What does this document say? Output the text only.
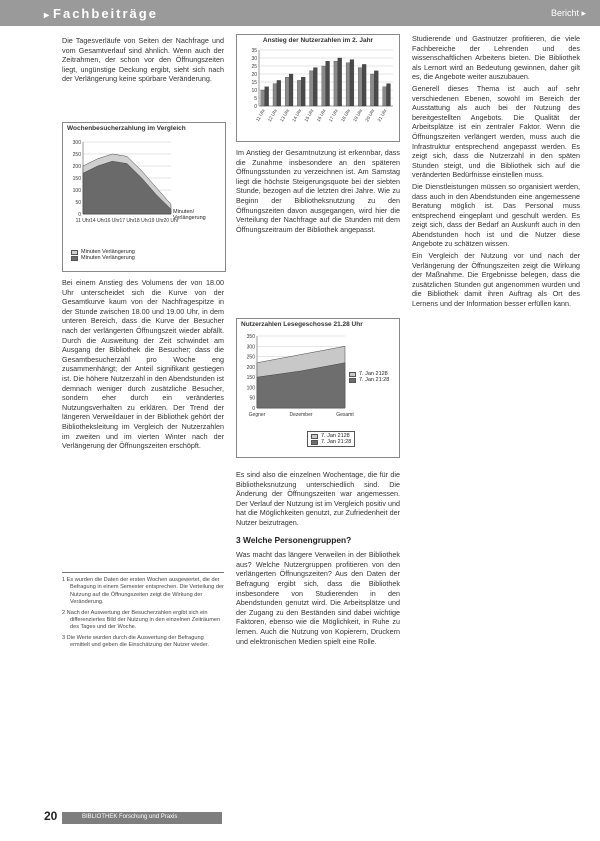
▸ Fachbeiträge	Bericht ▸

Die Tagesverläufe von Seiten der Nachfrage und vom Gesamtverlauf sind ähnlich. Wenn auch der Zeitrahmen, der schon vor den Öffnungszeiten liegt, ungünstige Deckung ergibt, sieht sich nach der Verlängerung keine spürbare Veränderung.

Wochenbesucherzahlung im Vergleich
0
50
100
150
200
250
300
11 Uhr 14 Uhr 16 Uhr 17 Uhr 18 Uhr 19 Uhr 20 Uhr
Minuten/ Verlängerung
Minuten Verlängerung
Minuten Verlängerung

Bei einem Anstieg des Volumens der von 18.00 Uhr unterscheidet sich die Kurve von der Gesamtkurve kaum von der Nachfragespitze in der Stunde zwischen 18.00 und 19.00 Uhr, in dem unteren Bereich, dass die Kurve der Besucher nach der verlängerten Öffnungszeit wieder abfällt. Durch die Ausweitung der Zeit schwindet am Ausgang der Bibliothek die Besucher; dass die Gesamtbesucherzahl pro Woche eng zusammenhängt; der Anteil signifikant gestiegen ist. Die höhere Nutzerzahl in den Abendstunden ist demnach weniger durch zusätzliche Besucher, sondern eher durch ein verändertes Nutzungsverhalten zu erklären. Der Trend der längeren Verweildauer in der Bibliothek gehört der Bibliotheksleitung im Vergleich der Nutzerzahlen im zweiten und im vierten Winter nach der Verlängerung der Öffnungszeiten erschöpft.

1 Es wurden die Daten der ersten Wochen ausgewertet, die der Befragung in einem Semester entsprechen. Die Verteilung der Nutzung auf die Öffnungszeiten zeigt die Wirkung der Veränderung.

2 Nach der Auswertung der Besucherzahlen ergibt sich ein differenziertes Bild der Nutzung in den einzelnen Zeiträumen des Tages und der Woche.

3 Die Werte wurden durch die Auswertung der Befragung ermittelt und geben die Einschätzung der Nutzer wieder.

Anstieg der Nutzerzahlen im 2. Jahr
0
5
10
15
20
25
30
35
11 Uhr 12 Uhr 13 Uhr 14 Uhr 15 Uhr 16 Uhr 17 Uhr 18 Uhr 19 Uhr 20 Uhr 21 Uhr

Im Anstieg der Gesamtnutzung ist erkennbar, dass die Zunahme insbesondere an den späteren Öffnungsstunden zu verzeichnen ist. Am Samstag liegt die höchste Steigerungsquote bei der siebten Stunde, bezogen auf die letzten drei Jahre. Wie zu Beginn der Bibliotheksnutzung zu den Öffnungszeiten davon ausgegangen, wird hier die Verteilung der Nachfrage auf die Stunden mit dem Öffnungszeitraum der Bibliothek angepasst.

Nutzerzahlen Lesegeschosse 21.28 Uhr
0
50
100
150
200
250
300
350
Gegner	Dezember	Gesamt
7. Jan 2128
7. Jan 21:28
7. Jan 2128
7. Jan 21:28

Es sind also die einzelnen Wochentage, die für die Bibliotheksnutzung unterschiedlich sind. Die Änderung der Öffnungszeiten war angemessen. Der Verlauf der Nutzung ist im Vergleich positiv und hat die Möglichkeiten genutzt, zur Zufriedenheit der Nutzer beizutragen.

3 Welche Personengruppen?

Was macht das längere Verweilen in der Bibliothek aus? Welche Nutzergruppen profitieren von den verlängerten Öffnungszeiten? Aus den Daten der Befragung ergibt sich, dass die Bibliothek insbesondere von Studierenden in den Abendstunden genutzt wird. Die Arbeitsplätze und der Zugang zu den Beständen sind dabei wichtige Faktoren, ebenso wie die Möglichkeit, in Ruhe zu lernen. Auch die Nutzung von Kopierern, Druckern und elektronischen Medien spielt eine Rolle.

Studierende und Gastnutzer profitieren, die viele Fachbereiche der Lehrenden und des wissenschaftlichen Arbeitens bieten. Die Bibliothek als Lernort wird an Bedeutung gewinnen, daher gilt es, die Angebote weiter auszubauen.

Generell dieses Thema ist auch auf sehr verschiedenen Ebenen, sowohl im Bereich der Ausstattung als auch bei der Nutzung des bereitgestellten Angebots. Die Qualität der Arbeitsplätze ist ein zentraler Faktor. Wenn die Öffnungszeiten verlängert werden, muss auch die Infrastruktur entsprechend angepasst werden. Es zeigt sich, dass die Nutzerzahl in den späten Stunden steigt, und die Bibliothek sich auf die veränderten Bedürfnisse einstellen muss.

Die Dienstleistungen müssen so organisiert werden, dass auch in den Abendstunden eine angemessene Beratung möglich ist. Das Personal muss entsprechend eingeplant und geschult werden. Es zeigt sich, dass der Bedarf an Auskunft auch in den Abendstunden hoch ist und die Nutzer diese Angebote zu schätzen wissen.

Ein Vergleich der Nutzung vor und nach der Verlängerung der Öffnungszeiten zeigt die Wirkung der Maßnahme. Die Ergebnisse belegen, dass die zusätzlichen Stunden gut angenommen wurden und die Bibliothek damit ihren Auftrag als Ort des Lernens und der Information besser erfüllen kann.

20	BIBLIOTHEK Forschung und Praxis
